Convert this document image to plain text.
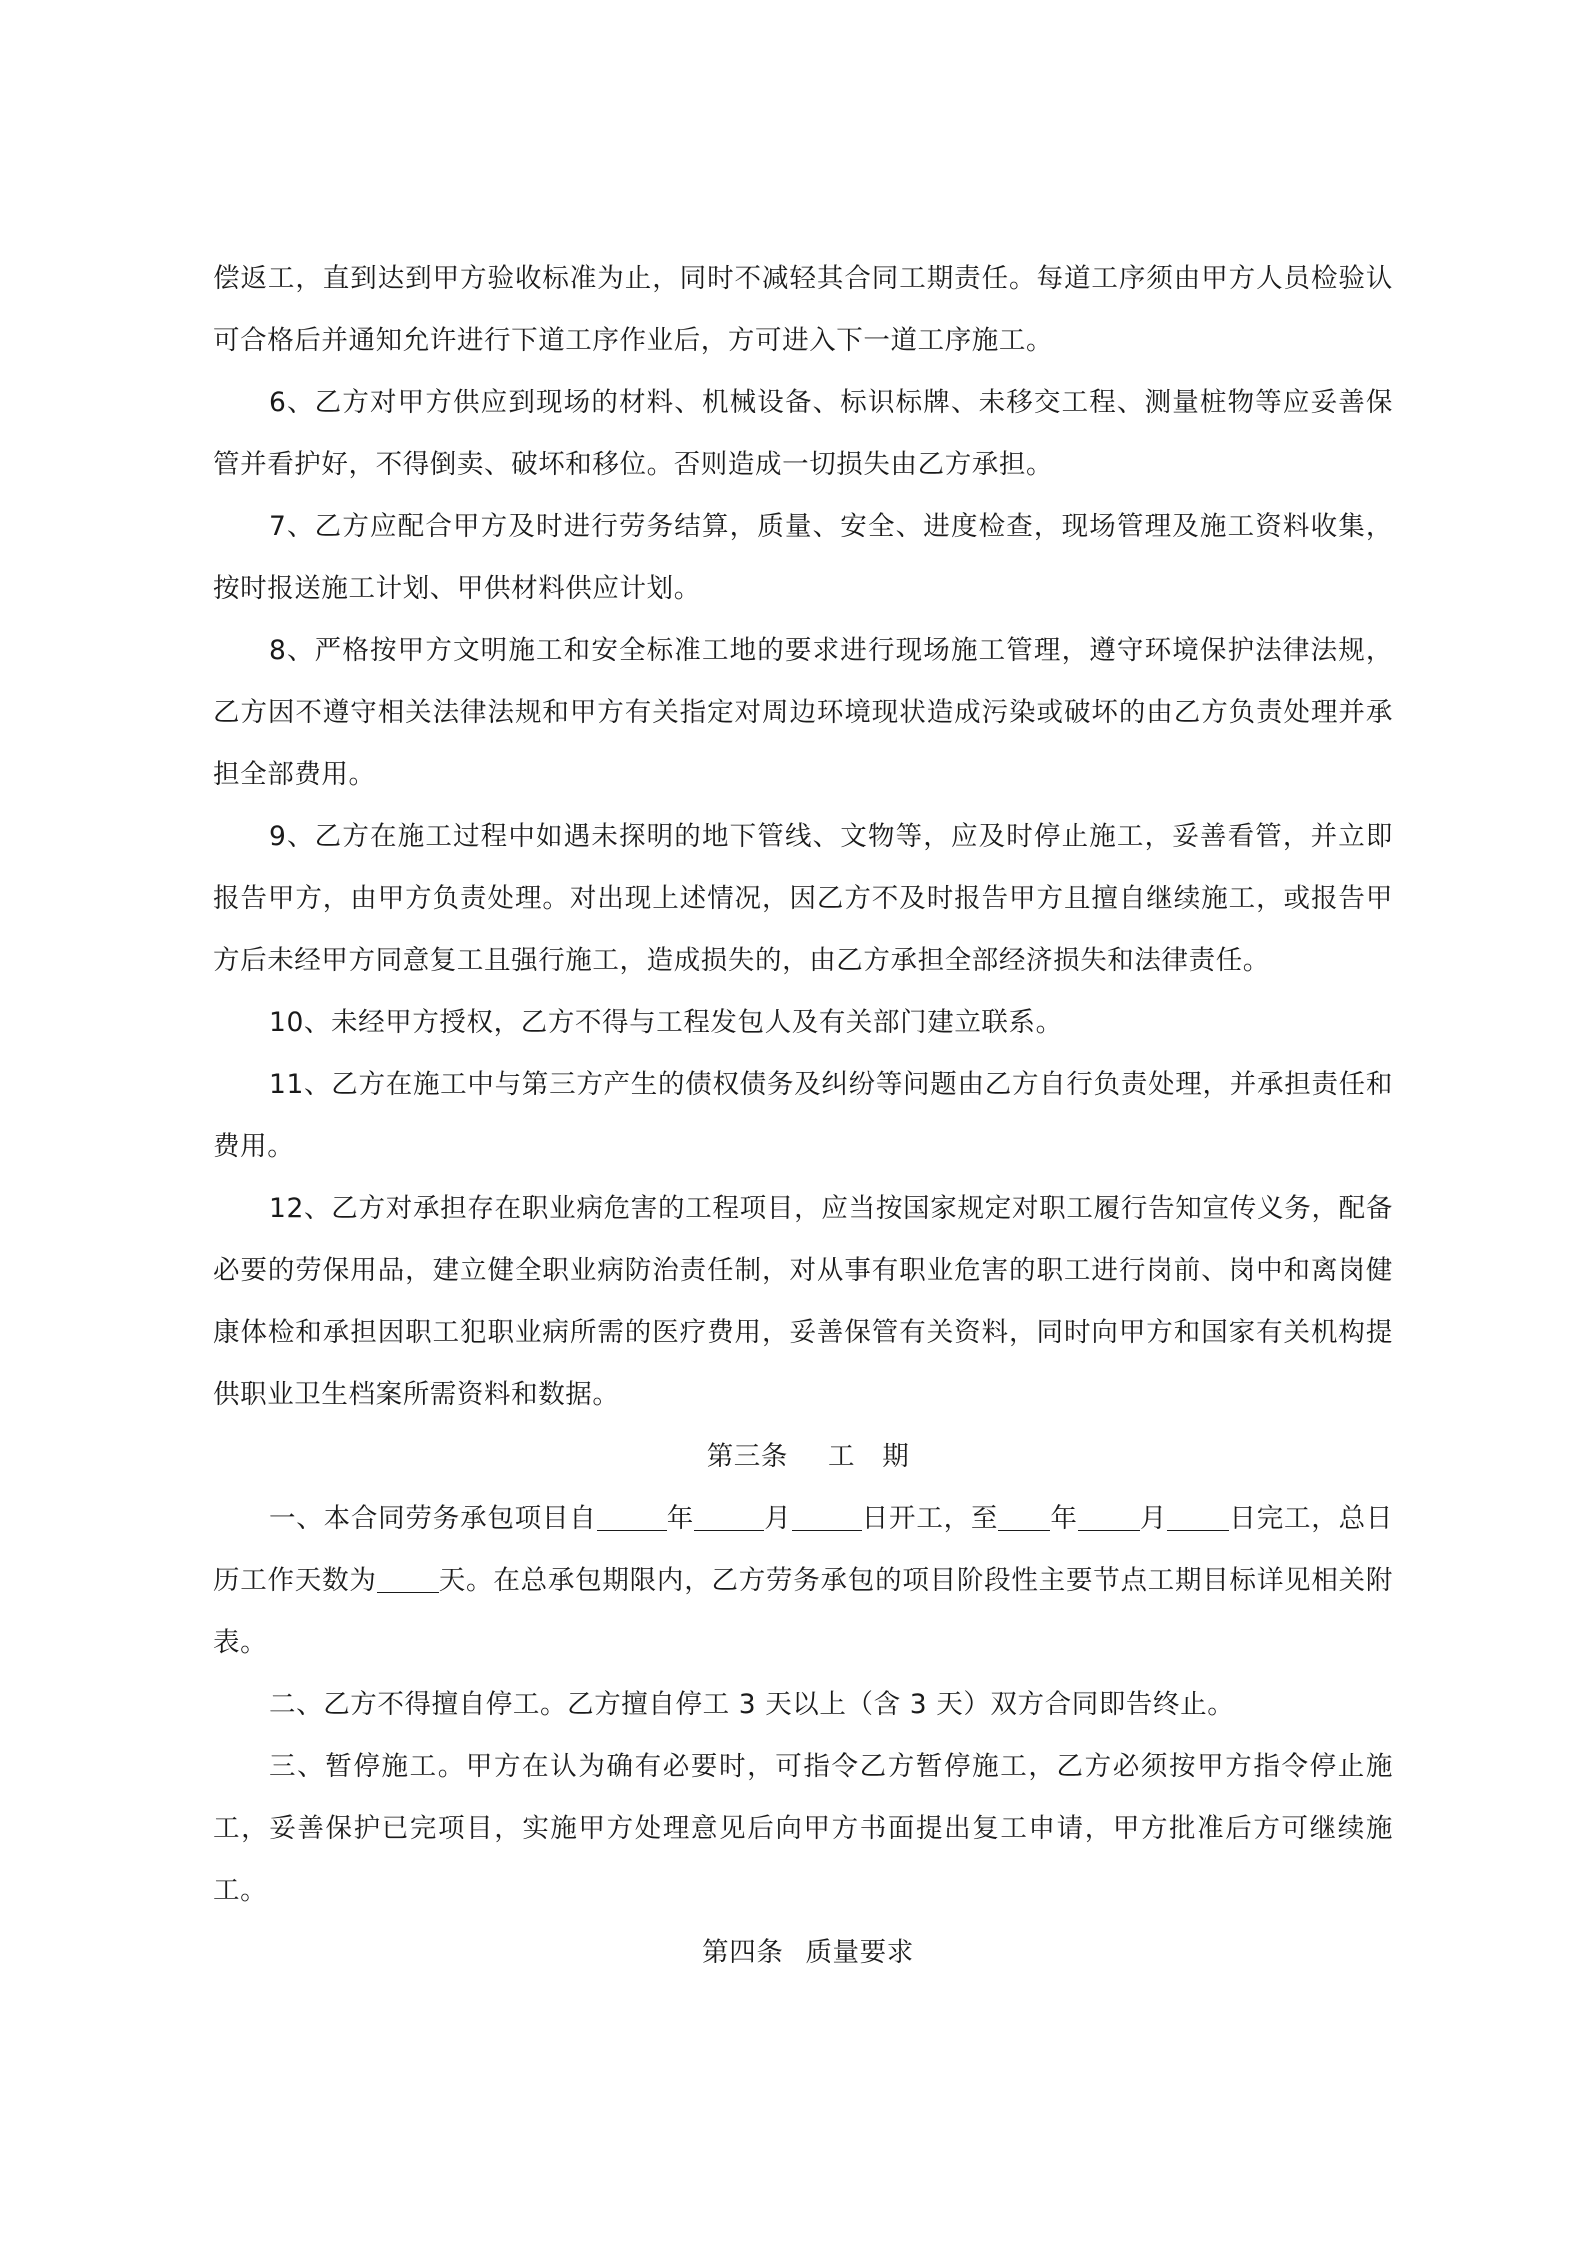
偿返工，直到达到甲方验收标准为止，同时不减轻其合同工期责任。每道工序须由甲方人员检验认可合格后并通知允许进行下道工序作业后，方可进入下一道工序施工。

6、乙方对甲方供应到现场的材料、机械设备、标识标牌、未移交工程、测量桩物等应妥善保管并看护好，不得倒卖、破坏和移位。否则造成一切损失由乙方承担。

7、乙方应配合甲方及时进行劳务结算，质量、安全、进度检查，现场管理及施工资料收集，按时报送施工计划、甲供材料供应计划。

8、严格按甲方文明施工和安全标准工地的要求进行现场施工管理，遵守环境保护法律法规，乙方因不遵守相关法律法规和甲方有关指定对周边环境现状造成污染或破坏的由乙方负责处理并承担全部费用。

9、乙方在施工过程中如遇未探明的地下管线、文物等，应及时停止施工，妥善看管，并立即报告甲方，由甲方负责处理。对出现上述情况，因乙方不及时报告甲方且擅自继续施工，或报告甲方后未经甲方同意复工且强行施工，造成损失的，由乙方承担全部经济损失和法律责任。

10、未经甲方授权，乙方不得与工程发包人及有关部门建立联系。

11、乙方在施工中与第三方产生的债权债务及纠纷等问题由乙方自行负责处理，并承担责任和费用。

12、乙方对承担存在职业病危害的工程项目，应当按国家规定对职工履行告知宣传义务，配备必要的劳保用品，建立健全职业病防治责任制，对从事有职业危害的职工进行岗前、岗中和离岗健康体检和承担因职工犯职业病所需的医疗费用，妥善保管有关资料，同时向甲方和国家有关机构提供职业卫生档案所需资料和数据。

第三条 工　期

一、本合同劳务承包项目自	年	月	日开工，至 年 月 日完工，总日历工作天数为 天。在总承包期限内，乙方劳务承包的项目阶段性主要节点工期目标详见相关附表。

二、乙方不得擅自停工。乙方擅自停工 3 天以上（含 3 天）双方合同即告终止。

三、暂停施工。甲方在认为确有必要时，可指令乙方暂停施工，乙方必须按甲方指令停止施工，妥善保护已完项目，实施甲方处理意见后向甲方书面提出复工申请，甲方批准后方可继续施工。

第四条 质量要求
